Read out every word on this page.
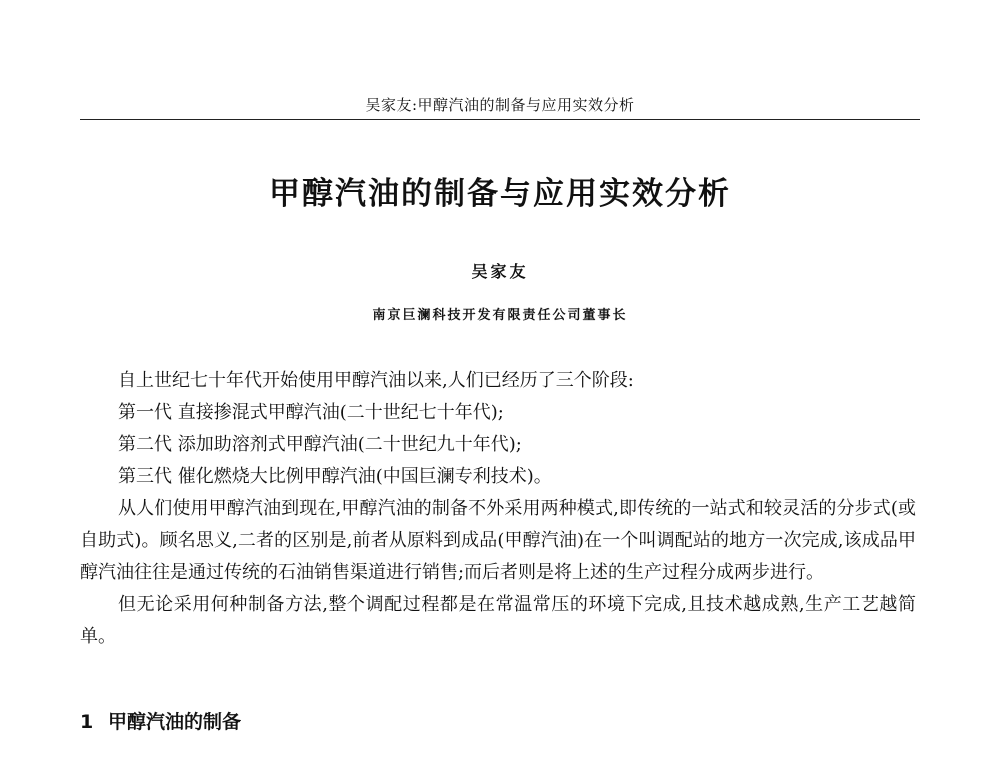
吴家友:甲醇汽油的制备与应用实效分析
甲醇汽油的制备与应用实效分析
吴家友
南京巨澜科技开发有限责任公司董事长

自上世纪七十年代开始使用甲醇汽油以来,人们已经历了三个阶段:

第一代 直接掺混式甲醇汽油(二十世纪七十年代);

第二代 添加助溶剂式甲醇汽油(二十世纪九十年代);

第三代 催化燃烧大比例甲醇汽油(中国巨澜专利技术)。

从人们使用甲醇汽油到现在,甲醇汽油的制备不外采用两种模式,即传统的一站式和较灵活的分步式(或自助式)。顾名思义,二者的区别是,前者从原料到成品(甲醇汽油)在一个叫调配站的地方一次完成,该成品甲醇汽油往往是通过传统的石油销售渠道进行销售;而后者则是将上述的生产过程分成两步进行。

但无论采用何种制备方法,整个调配过程都是在常温常压的环境下完成,且技术越成熟,生产工艺越简单。

1 甲醇汽油的制备
